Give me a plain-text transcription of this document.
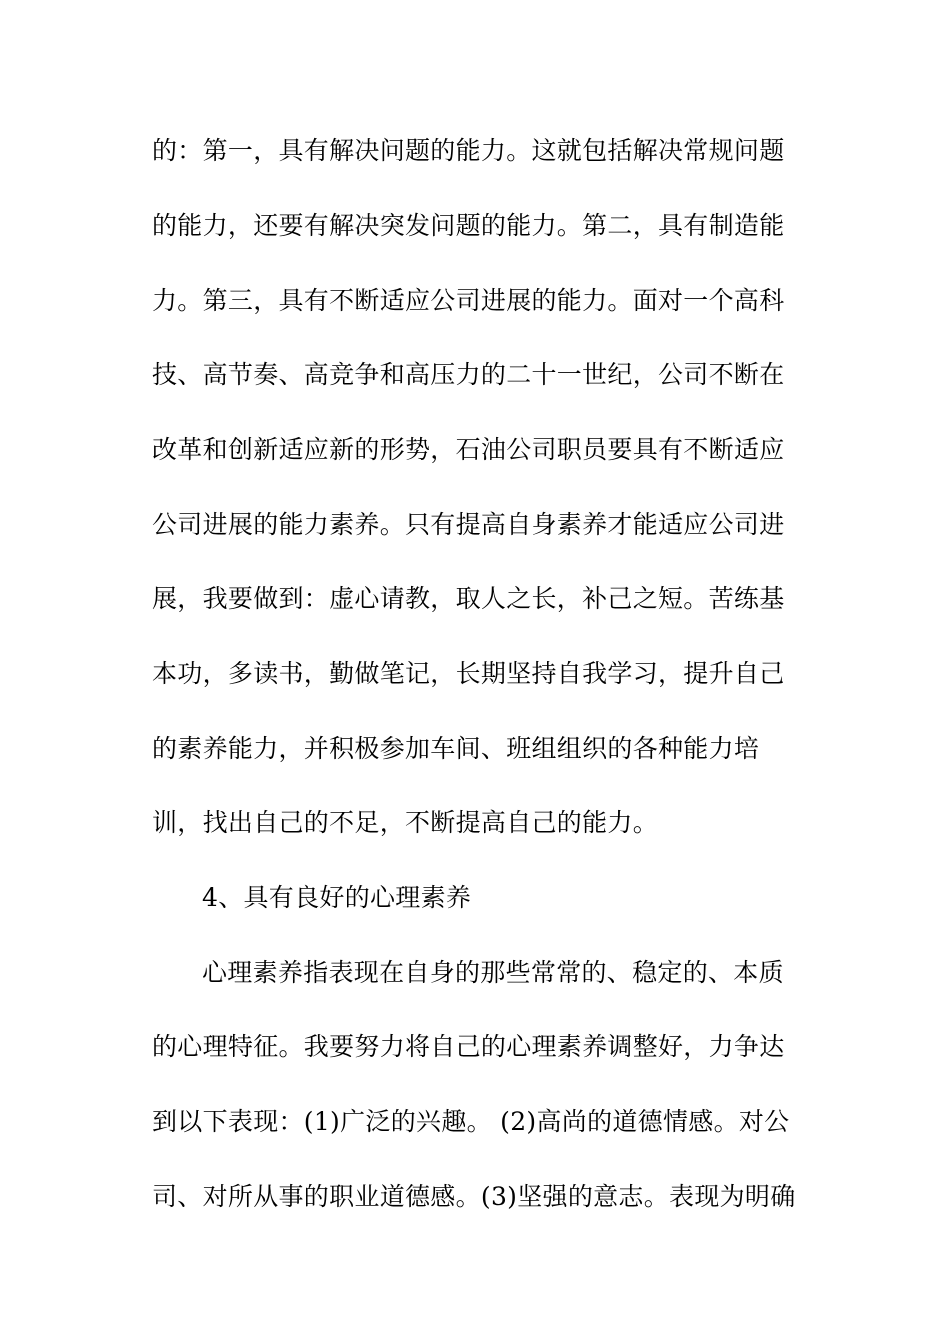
的：第一，具有解决问题的能力。这就包括解决常规问题
的能力，还要有解决突发问题的能力。第二，具有制造能
力。第三，具有不断适应公司进展的能力。面对一个高科
技、高节奏、高竞争和高压力的二十一世纪，公司不断在
改革和创新适应新的形势，石油公司职员要具有不断适应
公司进展的能力素养。只有提高自身素养才能适应公司进
展，我要做到：虚心请教，取人之长，补己之短。苦练基
本功，多读书，勤做笔记，长期坚持自我学习，提升自己
的素养能力，并积极参加车间、班组组织的各种能力培
训，找出自己的不足，不断提高自己的能力。
4、具有良好的心理素养
心理素养指表现在自身的那些常常的、稳定的、本质
的心理特征。我要努力将自己的心理素养调整好，力争达
到以下表现：(1)广泛的兴趣。 (2)高尚的道德情感。对公
司、对所从事的职业道德感。(3)坚强的意志。表现为明确
